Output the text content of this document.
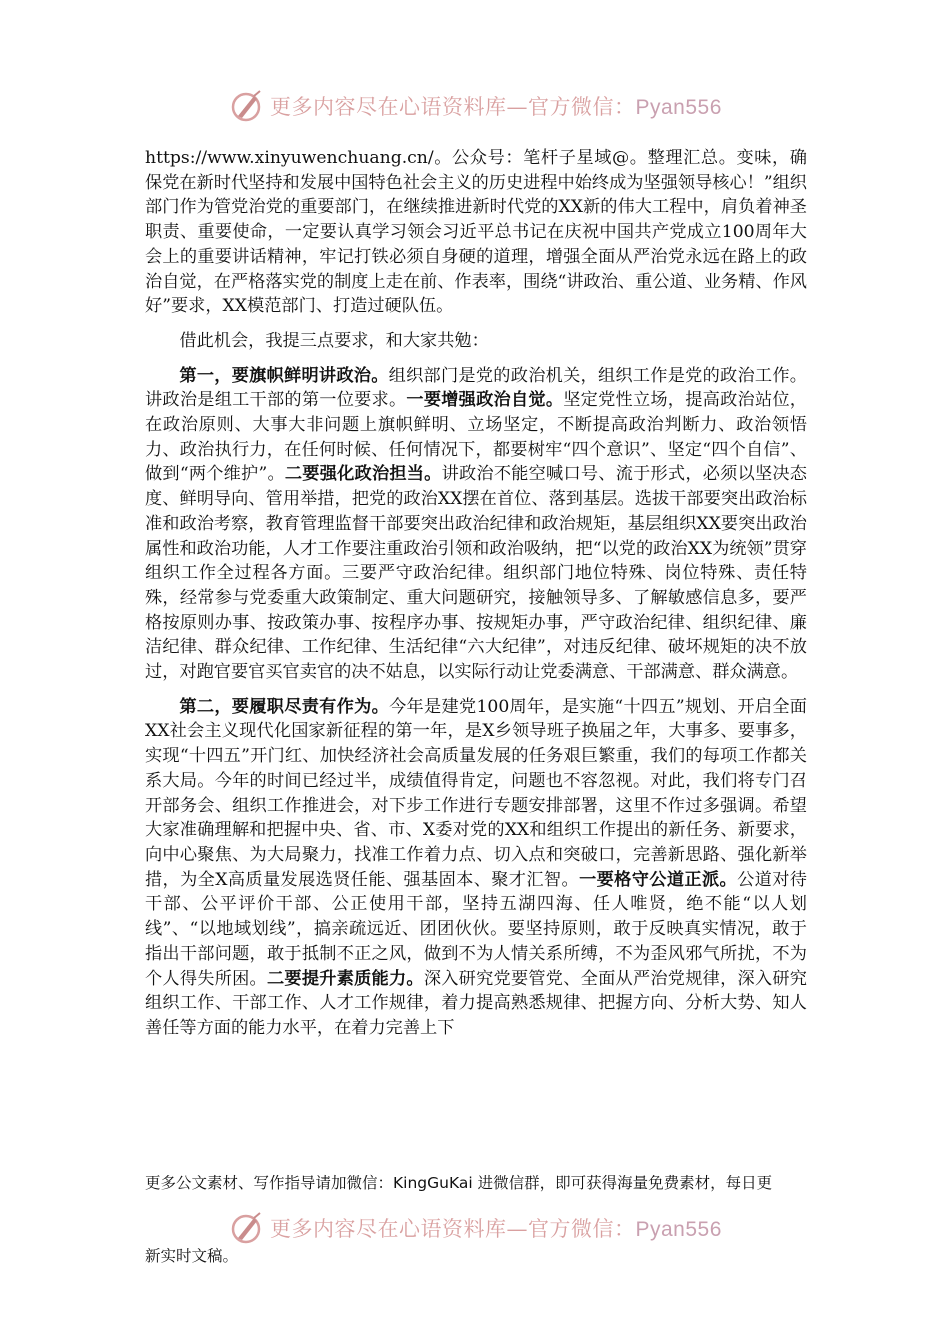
更多内容尽在心语资料库—官方微信：Pyan556

https://www.xinyuwenchuang.cn/。公众号：笔杆子星域@。整理汇总。变味，确保党在新时代坚持和发展中国特色社会主义的历史进程中始终成为坚强领导核心！”组织部门作为管党治党的重要部门，在继续推进新时代党的XX新的伟大工程中，肩负着神圣职责、重要使命，一定要认真学习领会习近平总书记在庆祝中国共产党成立100周年大会上的重要讲话精神，牢记打铁必须自身硬的道理，增强全面从严治党永远在路上的政治自觉，在严格落实党的制度上走在前、作表率，围绕“讲政治、重公道、业务精、作风好”要求，XX模范部门、打造过硬队伍。

借此机会，我提三点要求，和大家共勉：

第一，要旗帜鲜明讲政治。组织部门是党的政治机关，组织工作是党的政治工作。讲政治是组工干部的第一位要求。一要增强政治自觉。坚定党性立场，提高政治站位，在政治原则、大事大非问题上旗帜鲜明、立场坚定，不断提高政治判断力、政治领悟力、政治执行力，在任何时候、任何情况下，都要树牢“四个意识”、坚定“四个自信”、做到“两个维护”。二要强化政治担当。讲政治不能空喊口号、流于形式，必须以坚决态度、鲜明导向、管用举措，把党的政治XX摆在首位、落到基层。选拔干部要突出政治标准和政治考察，教育管理监督干部要突出政治纪律和政治规矩，基层组织XX要突出政治属性和政治功能，人才工作要注重政治引领和政治吸纳，把“以党的政治XX为统领”贯穿组织工作全过程各方面。三要严守政治纪律。组织部门地位特殊、岗位特殊、责任特殊，经常参与党委重大政策制定、重大问题研究，接触领导多、了解敏感信息多，要严格按原则办事、按政策办事、按程序办事、按规矩办事，严守政治纪律、组织纪律、廉洁纪律、群众纪律、工作纪律、生活纪律“六大纪律”，对违反纪律、破坏规矩的决不放过，对跑官要官买官卖官的决不姑息，以实际行动让党委满意、干部满意、群众满意。

第二，要履职尽责有作为。今年是建党100周年，是实施“十四五”规划、开启全面XX社会主义现代化国家新征程的第一年，是X乡领导班子换届之年，大事多、要事多，实现“十四五”开门红、加快经济社会高质量发展的任务艰巨繁重，我们的每项工作都关系大局。今年的时间已经过半，成绩值得肯定，问题也不容忽视。对此，我们将专门召开部务会、组织工作推进会，对下步工作进行专题安排部署，这里不作过多强调。希望大家准确理解和把握中央、省、市、X委对党的XX和组织工作提出的新任务、新要求，向中心聚焦、为大局聚力，找准工作着力点、切入点和突破口，完善新思路、强化新举措，为全X高质量发展选贤任能、强基固本、聚才汇智。一要格守公道正派。公道对待干部、公平评价干部、公正使用干部，坚持五湖四海、任人唯贤，绝不能“以人划线”、“以地域划线”，搞亲疏远近、团团伙伙。要坚持原则，敢于反映真实情况，敢于指出干部问题，敢于抵制不正之风，做到不为人情关系所缚，不为歪风邪气所扰，不为个人得失所困。二要提升素质能力。深入研究党要管党、全面从严治党规律，深入研究组织工作、干部工作、人才工作规律，着力提高熟悉规律、把握方向、分析大势、知人善任等方面的能力水平，在着力完善上下

更多公文素材、写作指导请加微信：KingGuKai 进微信群，即可获得海量免费素材，每日更
更多内容尽在心语资料库—官方微信：Pyan556
新实时文稿。
